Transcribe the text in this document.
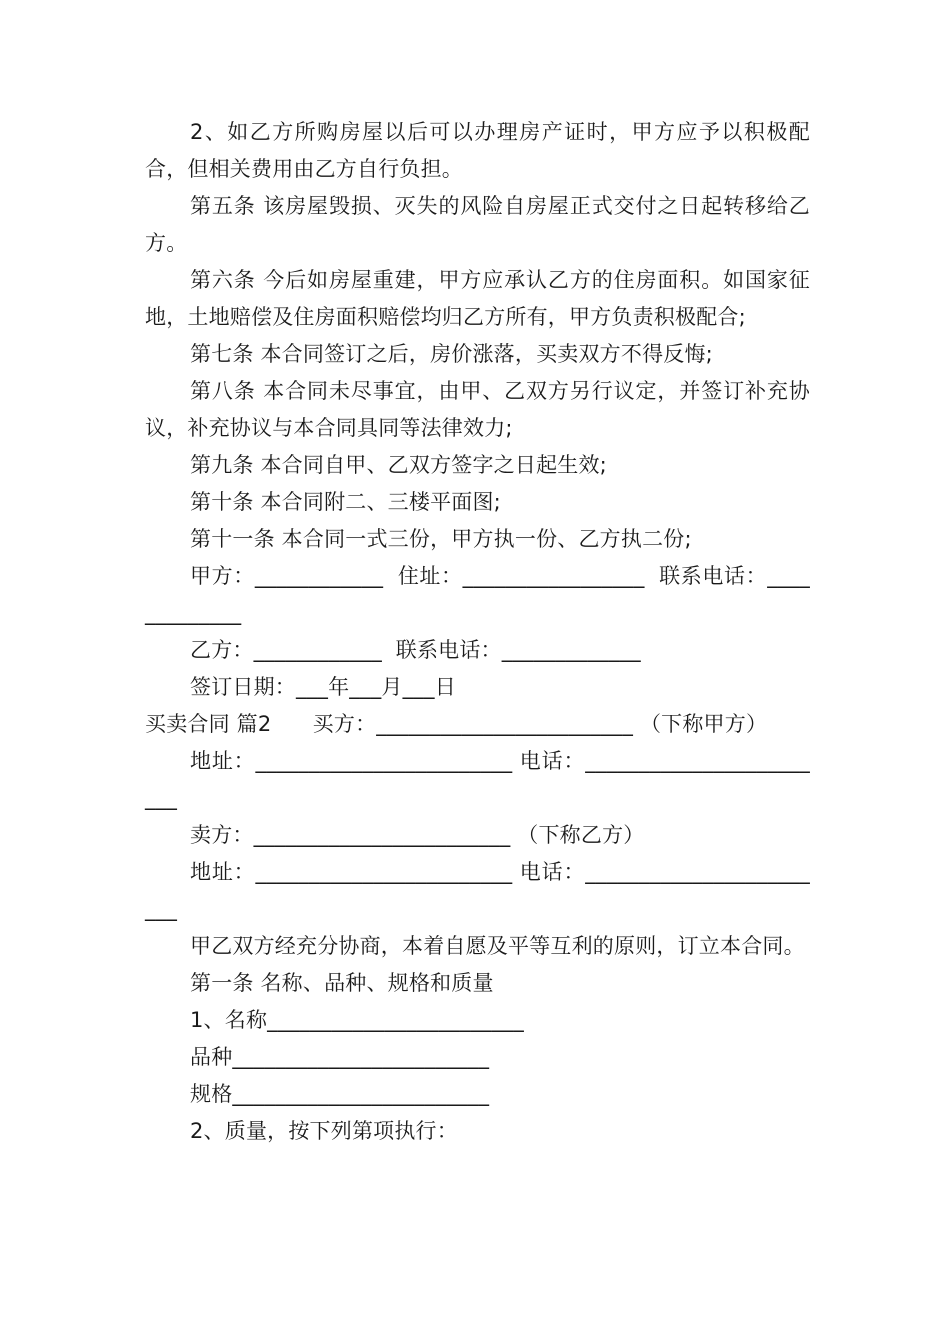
2、如乙方所购房屋以后可以办理房产证时，甲方应予以积极配合，但相关费用由乙方自行负担。

第五条 该房屋毁损、灭失的风险自房屋正式交付之日起转移给乙方。

第六条 今后如房屋重建，甲方应承认乙方的住房面积。如国家征地，土地赔偿及住房面积赔偿均归乙方所有，甲方负责积极配合;

第七条 本合同签订之后，房价涨落，买卖双方不得反悔;

第八条 本合同未尽事宜，由甲、乙双方另行议定，并签订补充协议，补充协议与本合同具同等法律效力;

第九条 本合同自甲、乙双方签字之日起生效;

第十条 本合同附二、三楼平面图;

第十一条 本合同一式三份，甲方执一份、乙方执二份;

甲方：____________  住址：_________________  联系电话：_____________

乙方：____________  联系电话：_____________

签订日期：___年___月___日

买卖合同 篇2      买方：________________________ （下称甲方）

地址：________________________ 电话：________________________

卖方：________________________ （下称乙方）

地址：________________________ 电话：________________________

甲乙双方经充分协商，本着自愿及平等互利的原则，订立本合同。

第一条 名称、品种、规格和质量

1、名称________________________

品种________________________

规格________________________

2、质量，按下列第项执行：
